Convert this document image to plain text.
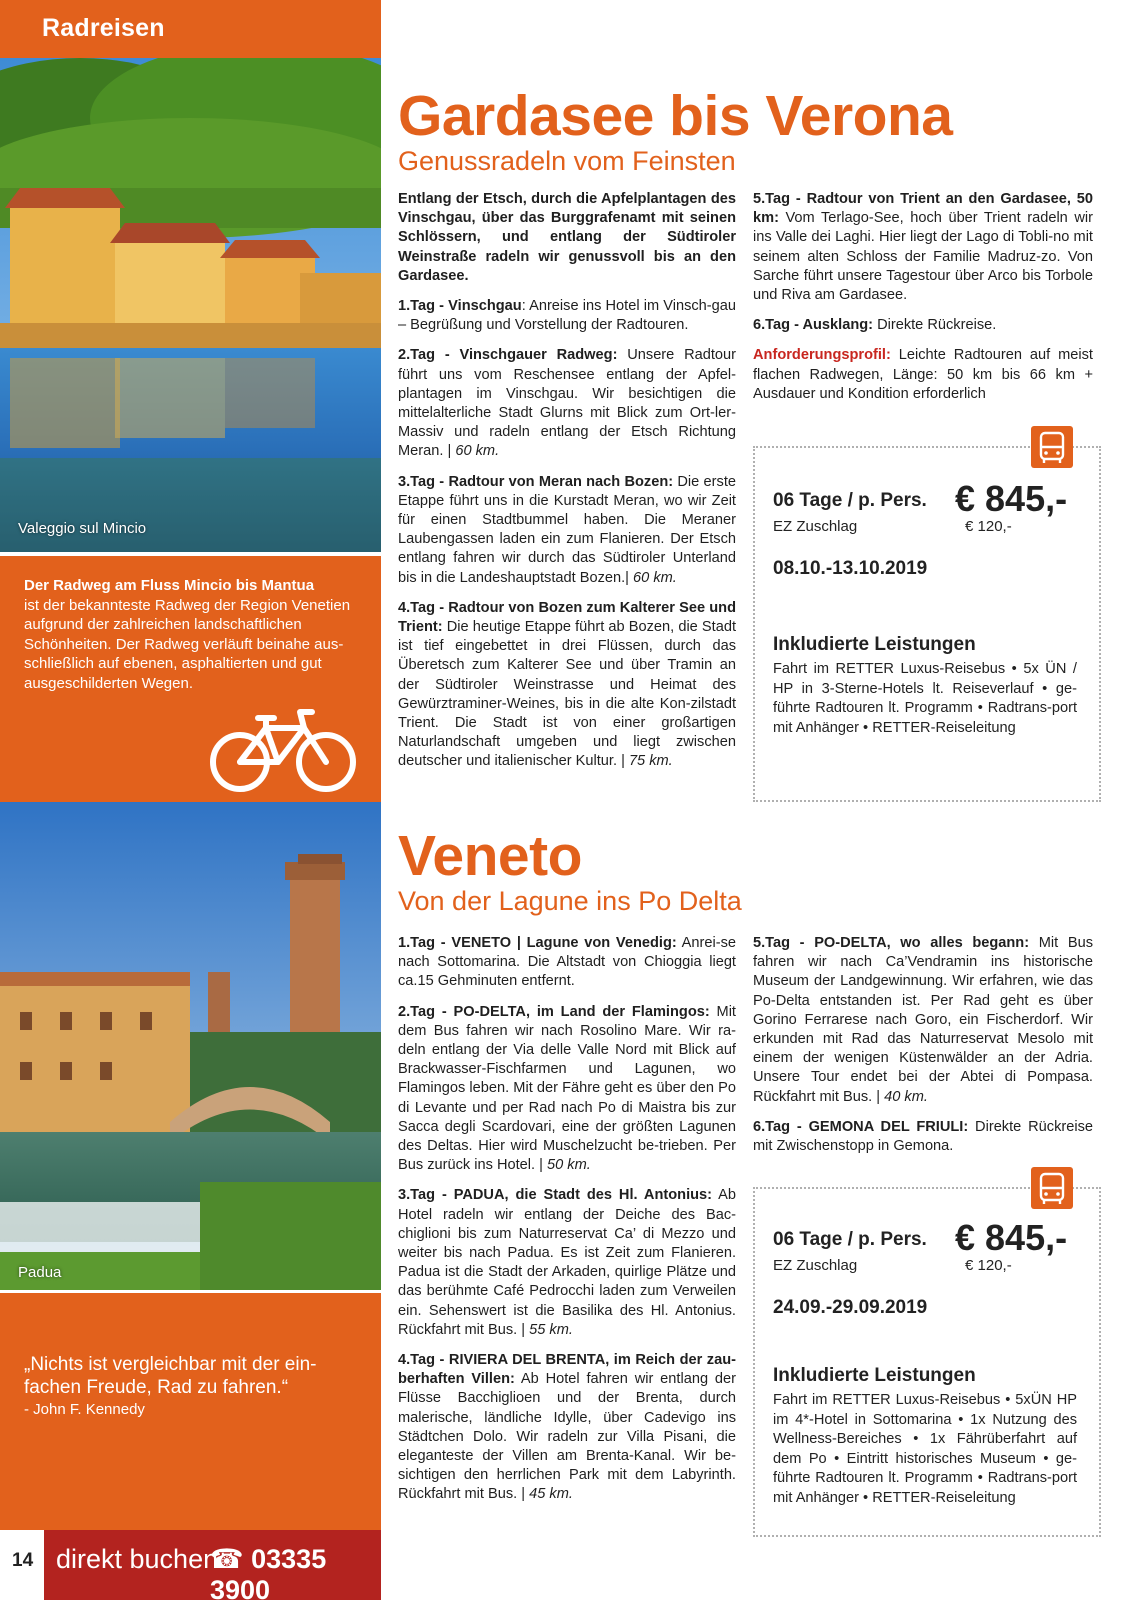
Radreisen
Valeggio sul Mincio
Der Radweg am Fluss Mincio bis Mantua
ist der bekannteste Radweg der Region Venetien aufgrund der zahlreichen landschaftlichen Schönheiten. Der Radweg verläuft beinahe aus-schließlich auf ebenen, asphaltierten und gut ausgeschilderten Wegen.
Padua
„Nichts ist vergleichbar mit der ein-fachen Freude, Rad zu fahren.“
- John F. Kennedy
14 direkt buchen
☎ 03335 3900
Gardasee bis Verona
Genussradeln vom Feinsten

Entlang der Etsch, durch die Apfelplantagen des Vinschgau, über das Burggrafenamt mit seinen Schlössern, und entlang der Südtiroler Weinstraße radeln wir genussvoll bis an den Gardasee.

1.Tag - Vinschgau: Anreise ins Hotel im Vinsch-gau – Begrüßung und Vorstellung der Radtouren.

2.Tag - Vinschgauer Radweg: Unsere Radtour führt uns vom Reschensee entlang der Apfel-plantagen im Vinschgau. Wir besichtigen die mittelalterliche Stadt Glurns mit Blick zum Ort-ler-Massiv und radeln entlang der Etsch Richtung Meran. | 60 km.

3.Tag - Radtour von Meran nach Bozen: Die erste Etappe führt uns in die Kurstadt Meran, wo wir Zeit für einen Stadtbummel haben. Die Meraner Laubengassen laden ein zum Flanieren. Der Etsch entlang fahren wir durch das Südtiroler Unterland bis in die Landeshauptstadt Bozen.| 60 km.

4.Tag - Radtour von Bozen zum Kalterer See und Trient: Die heutige Etappe führt ab Bozen, die Stadt ist tief eingebettet in drei Flüssen, durch das Überetsch zum Kalterer See und über Tramin an der Südtiroler Weinstrasse und Heimat des Gewürztraminer-Weines, bis in die alte Kon-zilstadt Trient. Die Stadt ist von einer großartigen Naturlandschaft umgeben und liegt zwischen deutscher und italienischer Kultur. | 75 km.

5.Tag - Radtour von Trient an den Gardasee, 50 km: Vom Terlago-See, hoch über Trient radeln wir ins Valle dei Laghi. Hier liegt der Lago di Tobli-no mit seinem alten Schloss der Familie Madruz-zo. Von Sarche führt unsere Tagestour über Arco bis Torbole und Riva am Gardasee.

6.Tag - Ausklang: Direkte Rückreise.

Anforderungsprofil: Leichte Radtouren auf meist flachen Radwegen, Länge: 50 km bis 66 km + Ausdauer und Kondition erforderlich

06 Tage / p. Pers. € 845,-
EZ Zuschlag	€ 120,-
08.10.-13.10.2019
Inkludierte Leistungen
Fahrt im RETTER Luxus-Reisebus • 5x ÜN / HP in 3-Sterne-Hotels lt. Reiseverlauf • ge-führte Radtouren lt. Programm • Radtrans-port mit Anhänger • RETTER-Reiseleitung
Veneto
Von der Lagune ins Po Delta

1.Tag - VENETO | Lagune von Venedig: Anrei-se nach Sottomarina. Die Altstadt von Chioggia liegt ca.15 Gehminuten entfernt.

2.Tag - PO-DELTA, im Land der Flamingos: Mit dem Bus fahren wir nach Rosolino Mare. Wir ra-deln entlang der Via delle Valle Nord mit Blick auf Brackwasser-Fischfarmen und Lagunen, wo Flamingos leben. Mit der Fähre geht es über den Po di Levante und per Rad nach Po di Maistra bis zur Sacca degli Scardovari, eine der größten Lagunen des Deltas. Hier wird Muschelzucht be-trieben. Per Bus zurück ins Hotel. | 50 km.

3.Tag - PADUA, die Stadt des Hl. Antonius: Ab Hotel radeln wir entlang der Deiche des Bac-chiglioni bis zum Naturreservat Ca’ di Mezzo und weiter bis nach Padua. Es ist Zeit zum Flanieren. Padua ist die Stadt der Arkaden, quirlige Plätze und das berühmte Café Pedrocchi laden zum Verweilen ein. Sehenswert ist die Basilika des Hl. Antonius. Rückfahrt mit Bus. | 55 km.

4.Tag - RIVIERA DEL BRENTA, im Reich der zau-berhaften Villen: Ab Hotel fahren wir entlang der Flüsse Bacchiglioen und der Brenta, durch malerische, ländliche Idylle, über Cadevigo ins Städtchen Dolo. Wir radeln zur Villa Pisani, die eleganteste der Villen am Brenta-Kanal. Wir be-sichtigen den herrlichen Park mit dem Labyrinth. Rückfahrt mit Bus. | 45 km.

5.Tag - PO-DELTA, wo alles begann: Mit Bus fahren wir nach Ca’Vendramin ins historische Museum der Landgewinnung. Wir erfahren, wie das Po-Delta entstanden ist. Per Rad geht es über Gorino Ferrarese nach Goro, ein Fischerdorf. Wir erkunden mit Rad das Naturreservat Mesolo mit einem der wenigen Küstenwälder an der Adria. Unsere Tour endet bei der Abtei di Pompasa. Rückfahrt mit Bus. | 40 km.

6.Tag - GEMONA DEL FRIULI: Direkte Rückreise mit Zwischenstopp in Gemona.

06 Tage / p. Pers. € 845,-
EZ Zuschlag	€ 120,-
24.09.-29.09.2019
Inkludierte Leistungen
Fahrt im RETTER Luxus-Reisebus • 5xÜN HP im 4*-Hotel in Sottomarina • 1x Nutzung des Wellness-Bereiches • 1x Fährüberfahrt auf dem Po • Eintritt historisches Museum • ge-führte Radtouren lt. Programm • Radtrans-port mit Anhänger • RETTER-Reiseleitung
